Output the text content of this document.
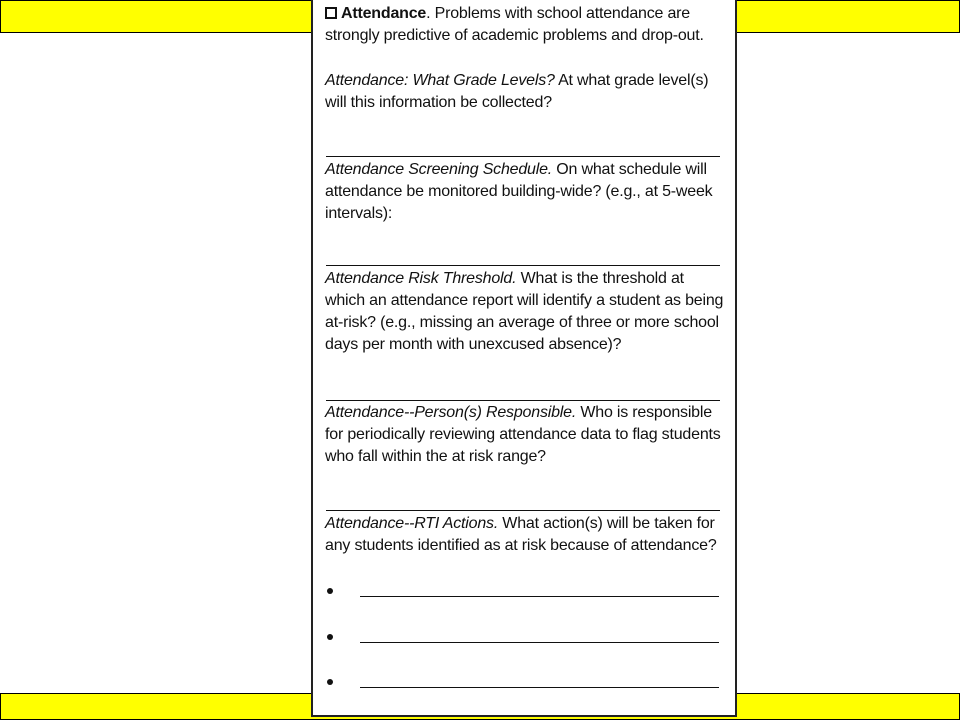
Attendance. Problems with school attendance are strongly predictive of academic problems and drop-out.
Attendance: What Grade Levels? At what grade level(s) will this information be collected?
Attendance Screening Schedule. On what schedule will attendance be monitored building-wide? (e.g., at 5-week intervals):
Attendance Risk Threshold. What is the threshold at which an attendance report will identify a student as being at-risk? (e.g., missing an average of three or more school days per month with unexcused absence)?
Attendance--Person(s) Responsible. Who is responsible for periodically reviewing attendance data to flag students who fall within the at risk range?
Attendance--RTI Actions. What action(s) will be taken for any students identified as at risk because of attendance?
